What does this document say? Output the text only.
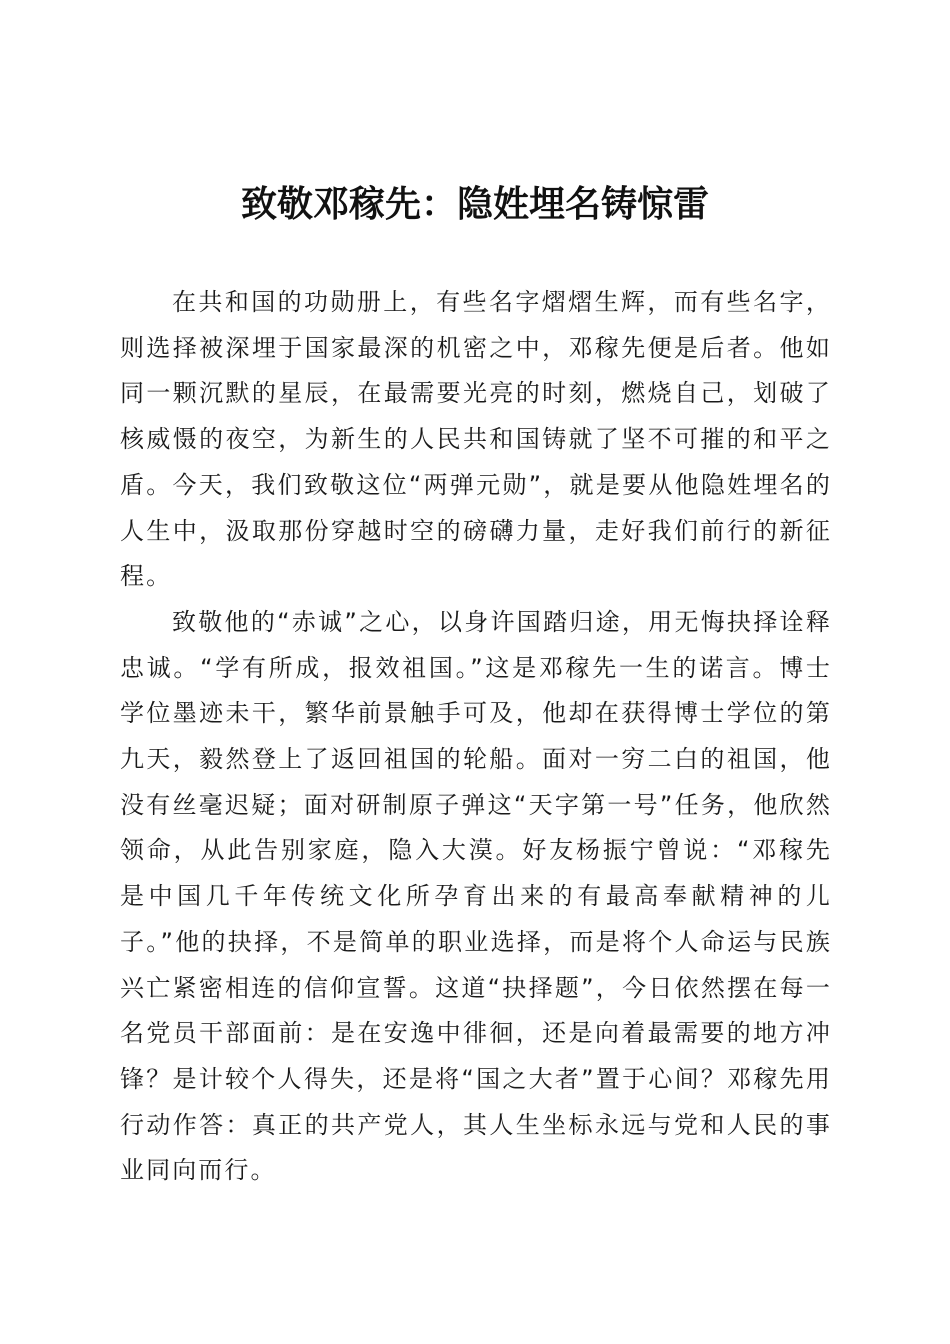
致敬邓稼先：隐姓埋名铸惊雷

在共和国的功勋册上，有些名字熠熠生辉，而有些名字，则选择被深埋于国家最深的机密之中，邓稼先便是后者。他如同一颗沉默的星辰，在最需要光亮的时刻，燃烧自己，划破了核威慑的夜空，为新生的人民共和国铸就了坚不可摧的和平之盾。今天，我们致敬这位“两弹元勋”，就是要从他隐姓埋名的人生中，汲取那份穿越时空的磅礴力量，走好我们前行的新征程。

致敬他的“赤诚”之心，以身许国踏归途，用无悔抉择诠释忠诚。“学有所成，报效祖国。”这是邓稼先一生的诺言。博士学位墨迹未干，繁华前景触手可及，他却在获得博士学位的第九天，毅然登上了返回祖国的轮船。面对一穷二白的祖国，他没有丝毫迟疑；面对研制原子弹这“天字第一号”任务，他欣然领命，从此告别家庭，隐入大漠。好友杨振宁曾说：“邓稼先是中国几千年传统文化所孕育出来的有最高奉献精神的儿子。”他的抉择，不是简单的职业选择，而是将个人命运与民族兴亡紧密相连的信仰宣誓。这道“抉择题”，今日依然摆在每一名党员干部面前：是在安逸中徘徊，还是向着最需要的地方冲锋？是计较个人得失，还是将“国之大者”置于心间？邓稼先用行动作答：真正的共产党人，其人生坐标永远与党和人民的事业同向而行。
